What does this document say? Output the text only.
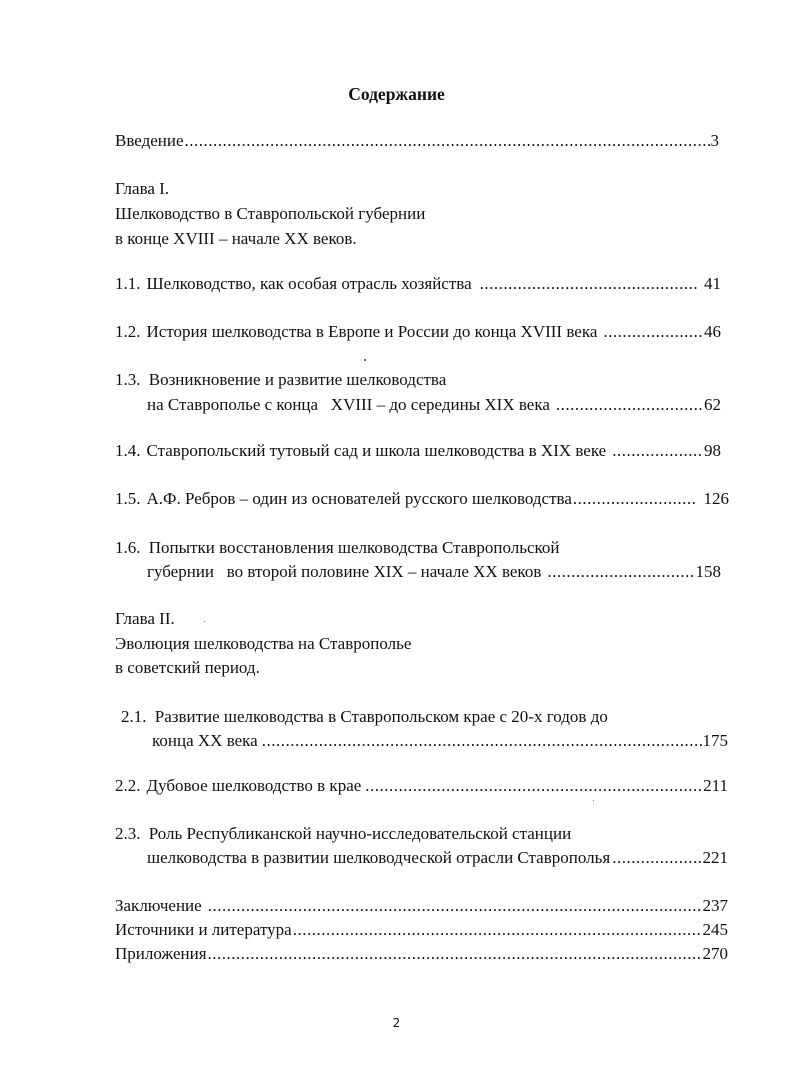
Содержание
Введение .....	3
Глава I.
Шелководство в Ставропольской губернии
в конце XVIII – начале XX веков.
1.1. Шелководство, как особая отрасль хозяйства .....	41
1.2. История шелководства в Европе и России до конца XVIII века .....	46
1.3. Возникновение и развитие шелководства
на Ставрополье с конца   XVIII – до середины XIX века .....	62
1.4. Ставропольский тутовый сад и школа шелководства в XIX веке .....	98
1.5. А.Ф. Ребров – один из основателей русского шелководства .....	126
1.6. Попытки восстановления шелководства Ставропольской
губернии   во второй половине XIX – начале XX веков .....	158
Глава II.
Эволюция шелководства на Ставрополье
в советский период.
2.1. Развитие шелководства в Ставропольском крае с 20-х годов до
конца XX века .....	175
2.2. Дубовое шелководство в крае .....	211
2.3. Роль Республиканской научно-исследовательской станции
шелководства в развитии шелководческой отрасли Ставрополья .....	221
Заключение .....	237
Источники и литература .....	245
Приложения .....	270
2
